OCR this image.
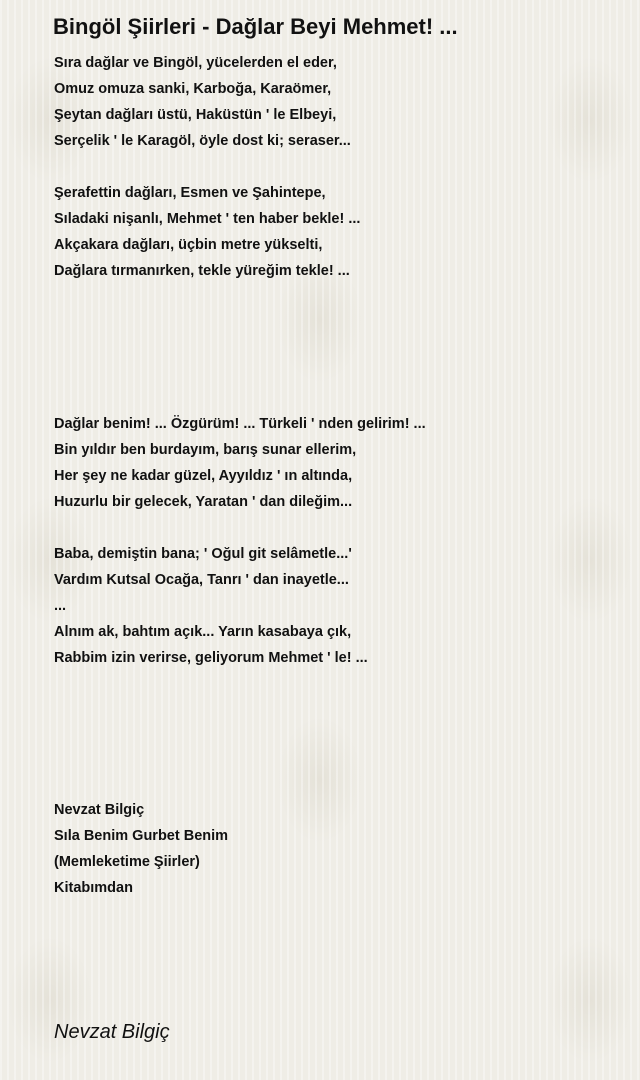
Bingöl Şiirleri - Dağlar Beyi Mehmet! ...
Sıra dağlar ve Bingöl, yücelerden el eder,
Omuz omuza sanki, Karboğa, Karaömer,
Şeytan dağları üstü, Haküstün ' le Elbeyi,
Serçelik ' le Karagöl, öyle dost ki; seraser...
Şerafettin dağları, Esmen ve Şahintepe,
Sıladaki nişanlı, Mehmet ' ten haber bekle! ...
Akçakara dağları, üçbin metre yükselti,
Dağlara tırmanırken, tekle yüreğim tekle! ...
Dağlar benim! ... Özgürüm! ... Türkeli ' nden gelirim! ...
Bin yıldır ben burdayım, barış sunar ellerim,
Her şey ne kadar güzel, Ayyıldız ' ın altında,
Huzurlu bir gelecek, Yaratan ' dan dileğim...
Baba, demiştin bana; ' Oğul git selâmetle...'
Vardım Kutsal Ocağa, Tanrı ' dan inayetle...
...
Alnım ak, bahtım açık... Yarın kasabaya çık,
Rabbim izin verirse, geliyorum Mehmet ' le! ...
Nevzat Bilgiç
Sıla Benim Gurbet Benim
(Memleketime Şiirler)
Kitabımdan
Nevzat Bilgiç
